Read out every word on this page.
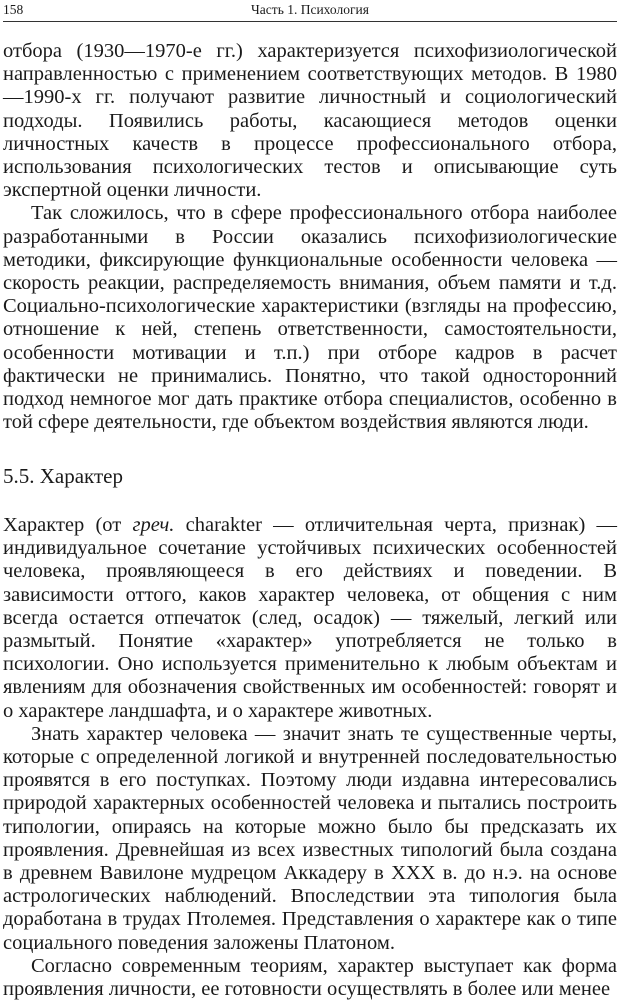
158	Часть 1. Психология

отбора (1930—1970-е гг.) характеризуется психофизиологической направленностью с применением соответствующих методов. В 1980—1990-х гг. получают развитие личностный и социологический подходы. Появились работы, касающиеся методов оценки личностных качеств в процессе профессионального отбора, использования психологических тестов и описывающие суть экспертной оценки личности.

Так сложилось, что в сфере профессионального отбора наиболее разработанными в России оказались психофизиологические методики, фиксирующие функциональные особенности человека — скорость реакции, распределяемость внимания, объем памяти и т.д. Социально-психологические характеристики (взгляды на профессию, отношение к ней, степень ответственности, самостоятельности, особенности мотивации и т.п.) при отборе кадров в расчет фактически не принимались. Понятно, что такой односторонний подход немногое мог дать практике отбора специалистов, особенно в той сфере деятельности, где объектом воздействия являются люди.

5.5. Характер

Характер (от греч. charakter — отличительная черта, признак) — индивидуальное сочетание устойчивых психических особенностей человека, проявляющееся в его действиях и поведении. В зависимости оттого, каков характер человека, от общения с ним всегда остается отпечаток (след, осадок) — тяжелый, легкий или размытый. Понятие «характер» употребляется не только в психологии. Оно используется применительно к любым объектам и явлениям для обозначения свойственных им особенностей: говорят и о характере ландшафта, и о характере животных.

Знать характер человека — значит знать те существенные черты, которые с определенной логикой и внутренней последовательностью проявятся в его поступках. Поэтому люди издавна интересовались природой характерных особенностей человека и пытались построить типологии, опираясь на которые можно было бы предсказать их проявления. Древнейшая из всех известных типологий была создана в древнем Вавилоне мудрецом Аккадеру в XXX в. до н.э. на основе астрологических наблюдений. Впоследствии эта типология была доработана в трудах Птолемея. Представления о характере как о типе социального поведения заложены Платоном.

Согласно современным теориям, характер выступает как форма проявления личности, ее готовности осуществлять в более или менее
